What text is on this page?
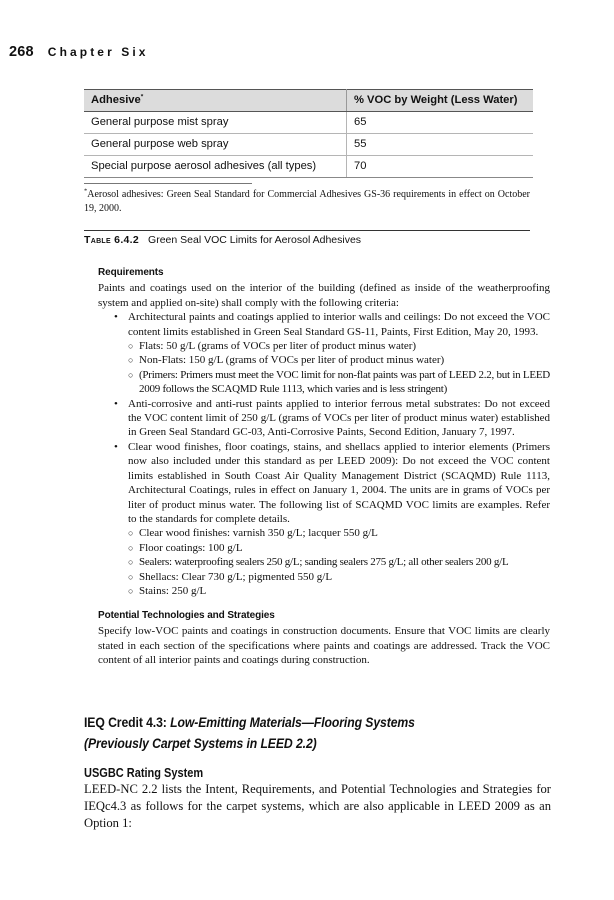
268 Chapter Six
Adhesive*	% VOC by Weight (Less Water)
General purpose mist spray	65
General purpose web spray	55
Special purpose aerosol adhesives (all types)	70
*Aerosol adhesives: Green Seal Standard for Commercial Adhesives GS-36 requirements in effect on October 19, 2000.
Table 6.4.2 Green Seal VOC Limits for Aerosol Adhesives
Requirements

Paints and coatings used on the interior of the building (defined as inside of the weatherproofing system and applied on-site) shall comply with the following criteria:

• Architectural paints and coatings applied to interior walls and ceilings: Do not exceed the VOC content limits established in Green Seal Standard GS-11, Paints, First Edition, May 20, 1993.
○ Flats: 50 g/L (grams of VOCs per liter of product minus water)
○ Non-Flats: 150 g/L (grams of VOCs per liter of product minus water)
○ (Primers: Primers must meet the VOC limit for non-flat paints was part of LEED 2.2, but in LEED 2009 follows the SCAQMD Rule 1113, which varies and is less stringent)
• Anti-corrosive and anti-rust paints applied to interior ferrous metal substrates: Do not exceed the VOC content limit of 250 g/L (grams of VOCs per liter of product minus water) established in Green Seal Standard GC-03, Anti-Corrosive Paints, Second Edition, January 7, 1997.
• Clear wood finishes, floor coatings, stains, and shellacs applied to interior elements (Primers now also included under this standard as per LEED 2009): Do not exceed the VOC content limits established in South Coast Air Quality Management District (SCAQMD) Rule 1113, Architectural Coatings, rules in effect on January 1, 2004. The units are in grams of VOCs per liter of product minus water. The following list of SCAQMD VOC limits are examples. Refer to the standards for complete details.
○ Clear wood finishes: varnish 350 g/L; lacquer 550 g/L
○ Floor coatings: 100 g/L
○ Sealers: waterproofing sealers 250 g/L; sanding sealers 275 g/L; all other sealers 200 g/L
○ Shellacs: Clear 730 g/L; pigmented 550 g/L
○ Stains: 250 g/L
Potential Technologies and Strategies

Specify low-VOC paints and coatings in construction documents. Ensure that VOC limits are clearly stated in each section of the specifications where paints and coatings are addressed. Track the VOC content of all interior paints and coatings during construction.

IEQ Credit 4.3: Low-Emitting Materials—Flooring Systems
(Previously Carpet Systems in LEED 2.2)
USGBC Rating System
LEED-NC 2.2 lists the Intent, Requirements, and Potential Technologies and Strategies for IEQc4.3 as follows for the carpet systems, which are also applicable in LEED 2009 as an Option 1:
